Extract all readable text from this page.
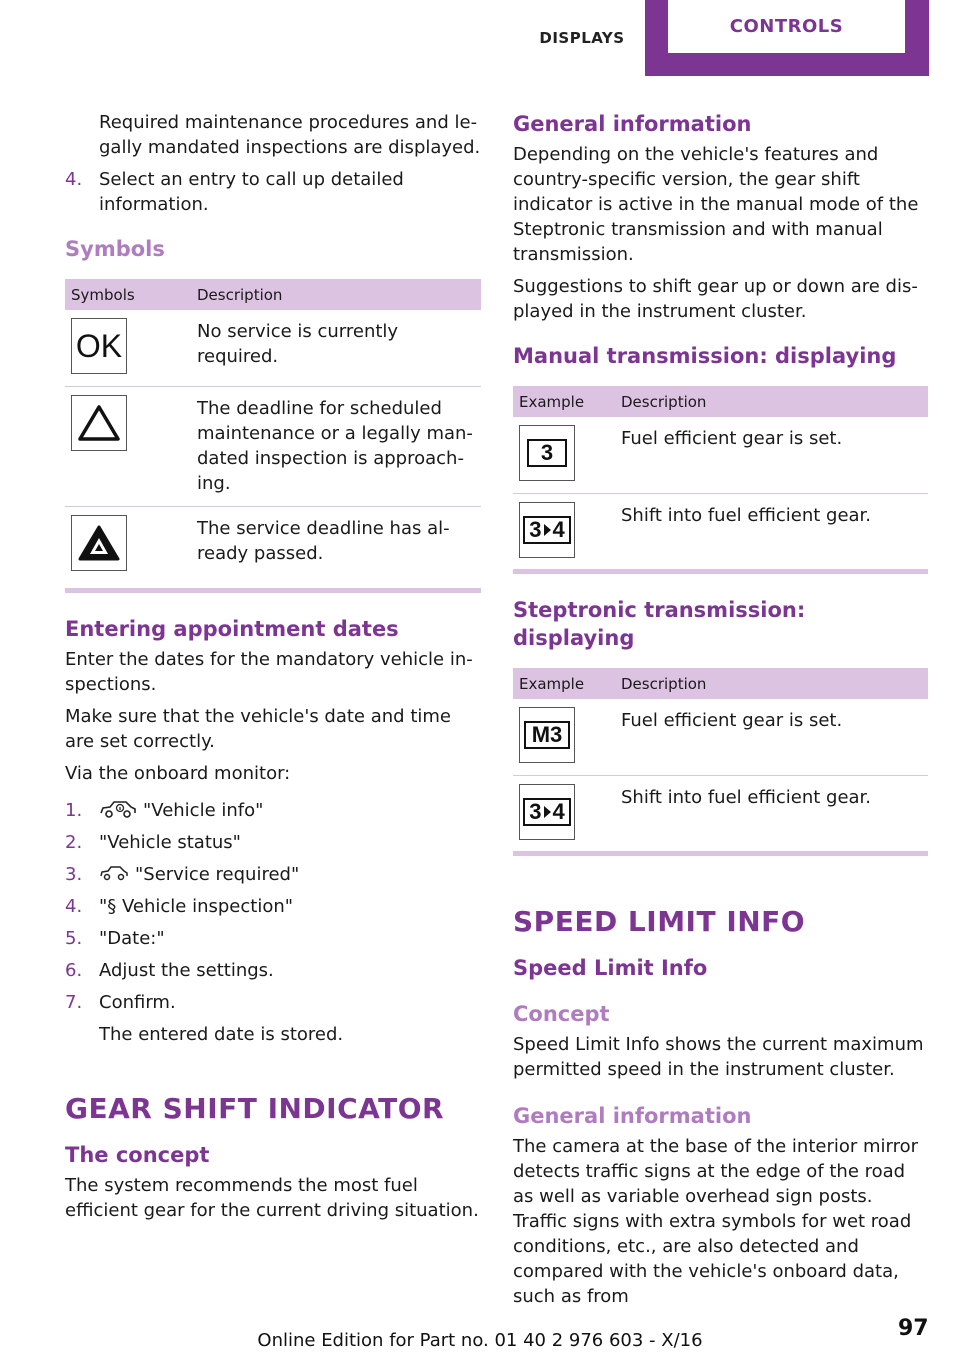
DISPLAYS
CONTROLS

Required maintenance procedures and legally mandated inspections are displayed.

4. Select an entry to call up detailed information.
Symbols
Symbols	Description

OK	No service is currently required.

	The deadline for scheduled maintenance or a legally mandated inspection is approaching.

	The service deadline has already passed.
Entering appointment dates

Enter the dates for the mandatory vehicle inspections.

Make sure that the vehicle's date and time are set correctly.

Via the onboard monitor:

1.	"Vehicle info"
2. "Vehicle status"
3.	"Service required"
4. "§ Vehicle inspection"
5. "Date:"
6. Adjust the settings.
7. Confirm.
The entered date is stored.
GEAR SHIFT INDICATOR
The concept

The system recommends the most fuel efficient gear for the current driving situation.

General information

Depending on the vehicle's features and country-specific version, the gear shift indicator is active in the manual mode of the Steptronic transmission and with manual transmission.

Suggestions to shift gear up or down are displayed in the instrument cluster.

Manual transmission: displaying
Example	Description

3	Fuel efficient gear is set.

3 4	Shift into fuel efficient gear.
Steptronic transmission: displaying
Example	Description

M3	Fuel efficient gear is set.

3 4	Shift into fuel efficient gear.
SPEED LIMIT INFO
Speed Limit Info
Concept

Speed Limit Info shows the current maximum permitted speed in the instrument cluster.

General information

The camera at the base of the interior mirror detects traffic signs at the edge of the road as well as variable overhead sign posts. Traffic signs with extra symbols for wet road conditions, etc., are also detected and compared with the vehicle's onboard data, such as from

Online Edition for Part no. 01 40 2 976 603 - X/16	97
